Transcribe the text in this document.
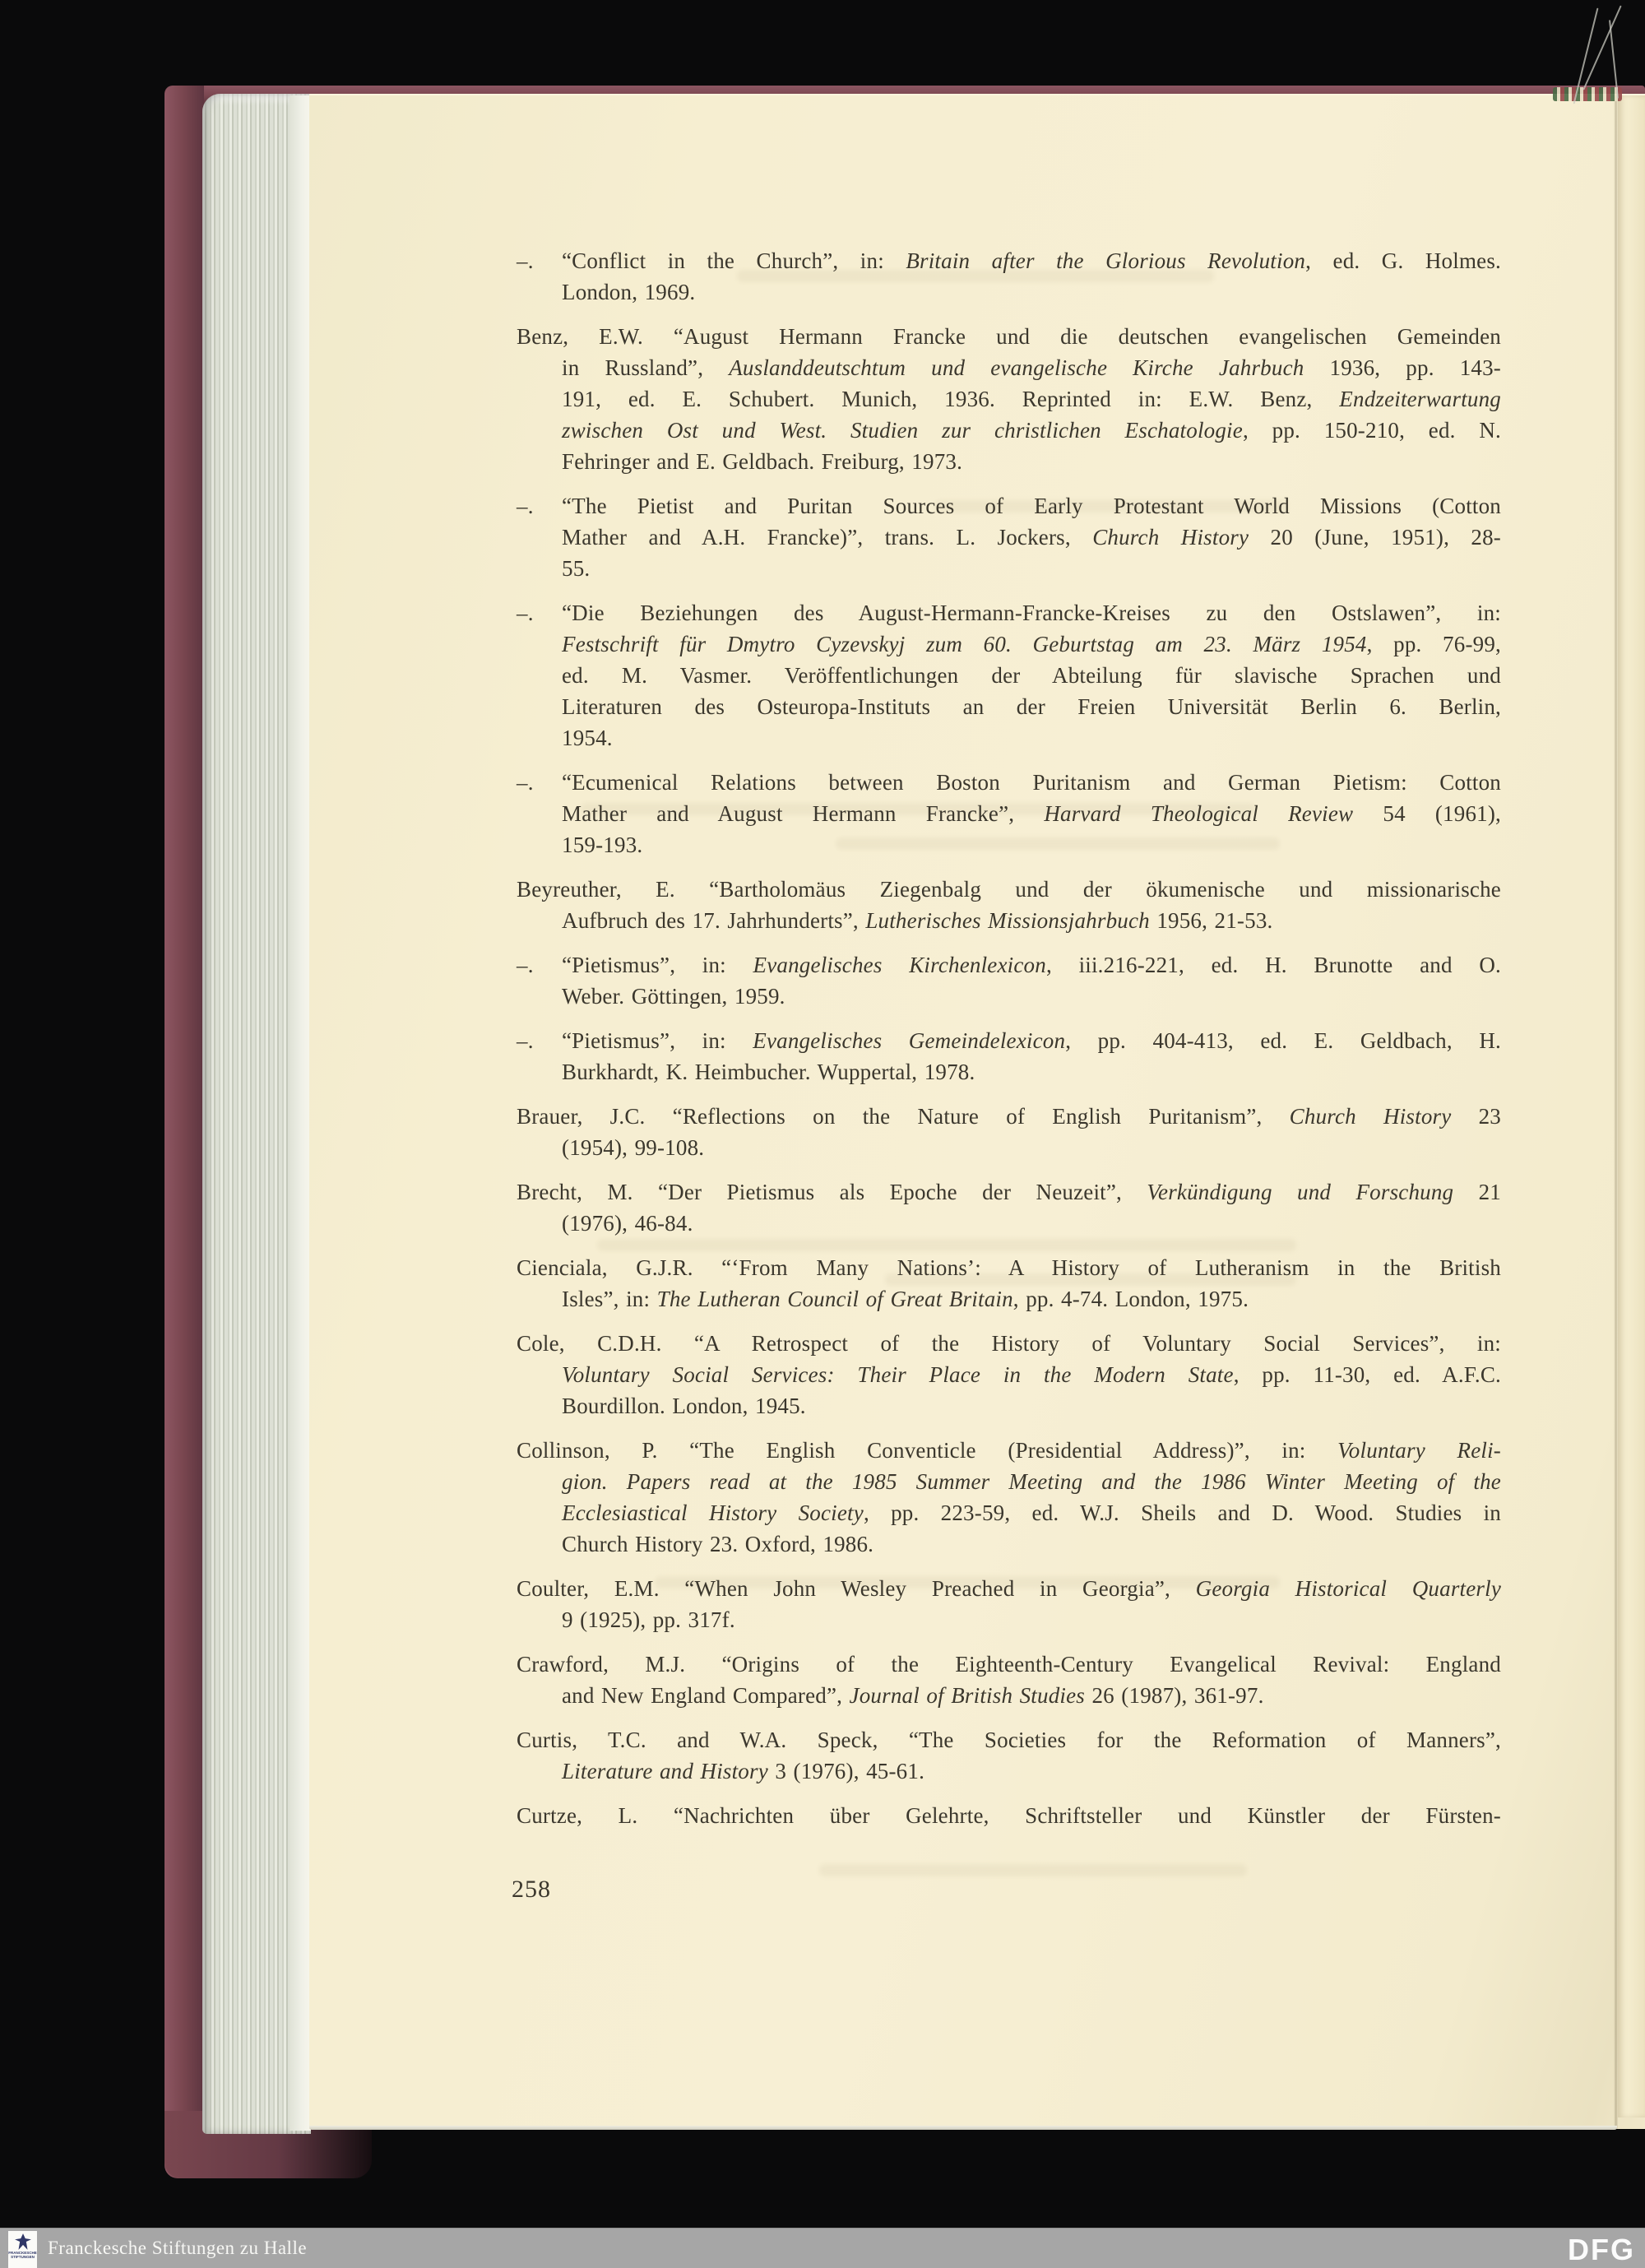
–. “Conflict in the Church”, in: Britain after the Glorious Revolution, ed. G. Holmes.
London, 1969.
Benz, E.W. “August Hermann Francke und die deutschen evangelischen Gemeinden
in Russland”, Auslanddeutschtum und evangelische Kirche Jahrbuch 1936, pp. 143-
191, ed. E. Schubert. Munich, 1936. Reprinted in: E.W. Benz, Endzeiterwartung
zwischen Ost und West. Studien zur christlichen Eschatologie, pp. 150-210, ed. N.
Fehringer and E. Geldbach. Freiburg, 1973.
–. “The Pietist and Puritan Sources of Early Protestant World Missions (Cotton
Mather and A.H. Francke)”, trans. L. Jockers, Church History 20 (June, 1951), 28-
55.
–. “Die Beziehungen des August-Hermann-Francke-Kreises zu den Ostslawen”, in:
Festschrift für Dmytro Cyzevskyj zum 60. Geburtstag am 23. März 1954, pp. 76-99,
ed. M. Vasmer. Veröffentlichungen der Abteilung für slavische Sprachen und
Literaturen des Osteuropa-Instituts an der Freien Universität Berlin 6. Berlin,
1954.
–. “Ecumenical Relations between Boston Puritanism and German Pietism: Cotton
Mather and August Hermann Francke”, Harvard Theological Review 54 (1961),
159-193.
Beyreuther, E. “Bartholomäus Ziegenbalg und der ökumenische und missionarische
Aufbruch des 17. Jahrhunderts”, Lutherisches Missionsjahrbuch 1956, 21-53.
–. “Pietismus”, in: Evangelisches Kirchenlexicon, iii.216-221, ed. H. Brunotte and O.
Weber. Göttingen, 1959.
–. “Pietismus”, in: Evangelisches Gemeindelexicon, pp. 404-413, ed. E. Geldbach, H.
Burkhardt, K. Heimbucher. Wuppertal, 1978.
Brauer, J.C. “Reflections on the Nature of English Puritanism”, Church History 23
(1954), 99-108.
Brecht, M. “Der Pietismus als Epoche der Neuzeit”, Verkündigung und Forschung 21
(1976), 46-84.
Cienciala, G.J.R. “‘From Many Nations’: A History of Lutheranism in the British
Isles”, in: The Lutheran Council of Great Britain, pp. 4-74. London, 1975.
Cole, C.D.H. “A Retrospect of the History of Voluntary Social Services”, in:
Voluntary Social Services: Their Place in the Modern State, pp. 11-30, ed. A.F.C.
Bourdillon. London, 1945.
Collinson, P. “The English Conventicle (Presidential Address)”, in: Voluntary Reli-
gion. Papers read at the 1985 Summer Meeting and the 1986 Winter Meeting of the
Ecclesiastical History Society, pp. 223-59, ed. W.J. Sheils and D. Wood. Studies in
Church History 23. Oxford, 1986.
Coulter, E.M. “When John Wesley Preached in Georgia”, Georgia Historical Quarterly
9 (1925), pp. 317f.
Crawford, M.J. “Origins of the Eighteenth-Century Evangelical Revival: England
and New England Compared”, Journal of British Studies 26 (1987), 361-97.
Curtis, T.C. and W.A. Speck, “The Societies for the Reformation of Manners”,
Literature and History 3 (1976), 45-61.
Curtze, L. “Nachrichten über Gelehrte, Schriftsteller und Künstler der Fürsten-
258
FRANCKESCHE
STIFTUNGEN Franckesche Stiftungen zu Halle	DFG
